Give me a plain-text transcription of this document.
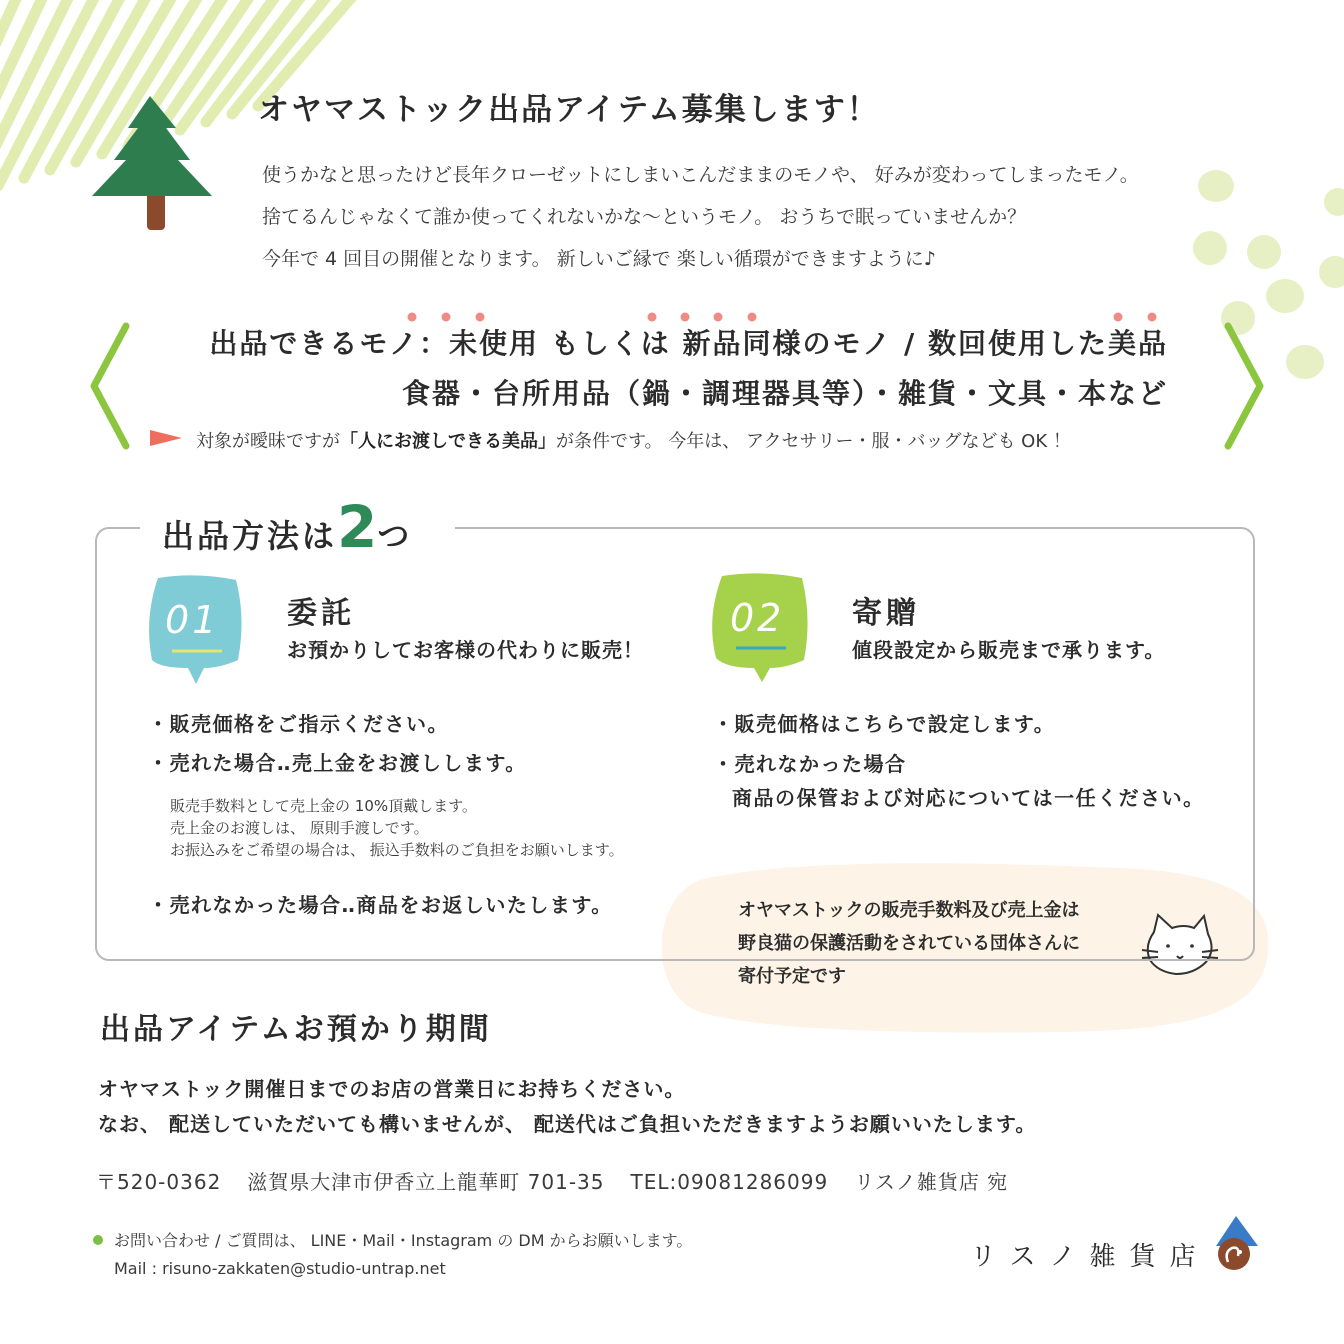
オヤマストック出品アイテム募集します！
使うかなと思ったけど長年クローゼットにしまいこんだままのモノや、 好みが変わってしまったモノ。
捨てるんじゃなくて誰か使ってくれないかな〜というモノ。 おうちで眠っていませんか？
今年で 4 回目の開催となります。 新しいご縁で 楽しい循環ができますように♪
出品できるモノ：未使用 もしくは 新品同様のモノ / 数回使用した美品
食器・台所用品（鍋・調理器具等）・雑貨・文具・本など
対象が曖昧ですが「人にお渡しできる美品」が条件です。 今年は、 アクセサリー・服・バッグなども OK ！
出品方法は2つ
01 委託
お預かりしてお客様の代わりに販売！
・販売価格をご指示ください。
・売れた場合‥売上金をお渡しします。
販売手数料として売上金の 10%頂戴します。
売上金のお渡しは、 原則手渡しです。
お振込みをご希望の場合は、 振込手数料のご負担をお願いします。
・売れなかった場合‥商品をお返しいたします。
02 寄贈
値段設定から販売まで承ります。
・販売価格はこちらで設定します。
・売れなかった場合
商品の保管および対応については一任ください。
オヤマストックの販売手数料及び売上金は
野良猫の保護活動をされている団体さんに
寄付予定です
出品アイテムお預かり期間
オヤマストック開催日までのお店の営業日にお持ちください。
なお、 配送していただいても構いませんが、 配送代はご負担いただきますようお願いいたします。
〒520-0362 滋賀県大津市伊香立上龍華町 701-35 TEL:09081286099 リスノ雑貨店 宛
お問い合わせ / ご質問は、 LINE・Mail・Instagram の DM からお願いします。
Mail : risuno-zakkaten@studio-untrap.net	リスノ雑貨店
